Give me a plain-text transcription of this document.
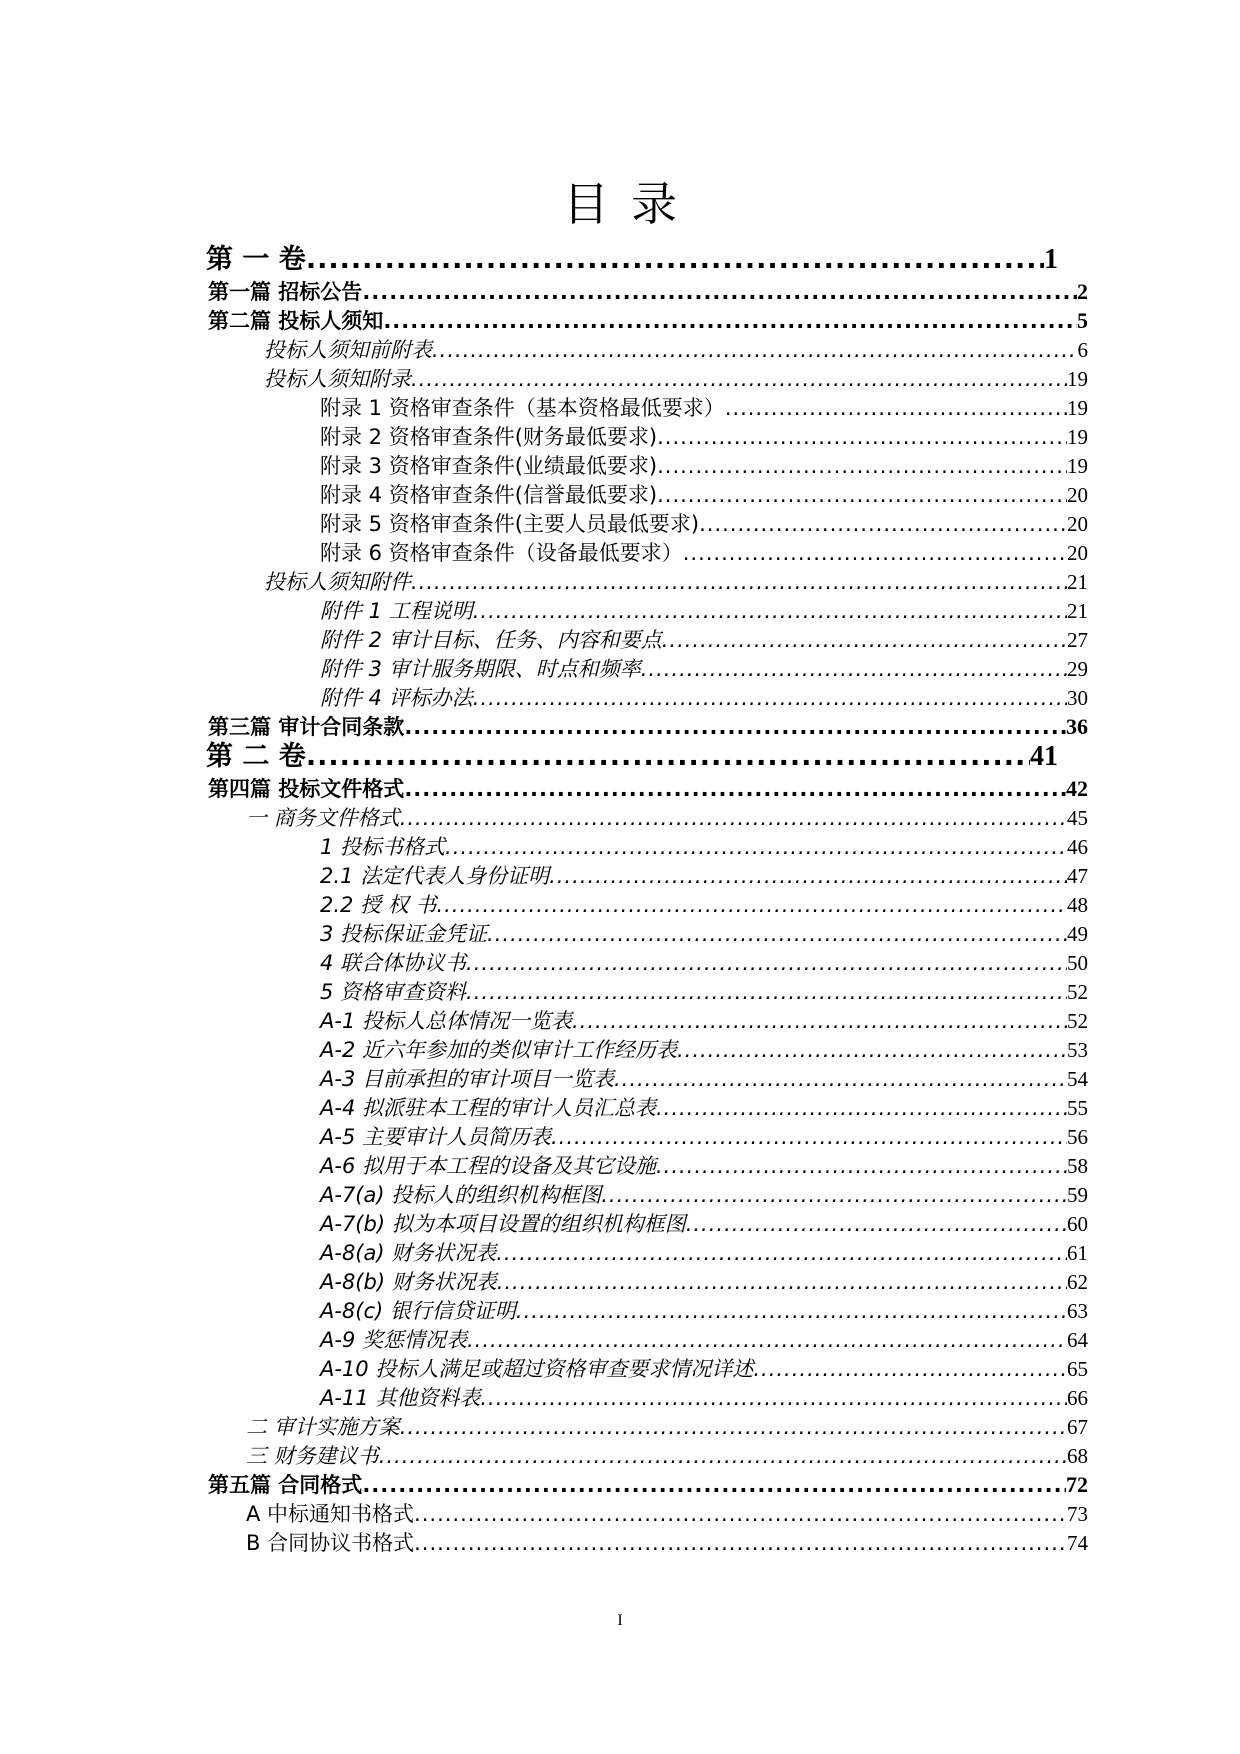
目录
第 一 卷 .....	1
第一篇 招标公告 .....	2
第二篇 投标人须知 .....	5
投标人须知前附表 .....	6
投标人须知附录 .....	19
附录 1 资格审查条件（基本资格最低要求） .....	19
附录 2 资格审查条件(财务最低要求) .....	19
附录 3 资格审查条件(业绩最低要求) .....	19
附录 4 资格审查条件(信誉最低要求) .....	20
附录 5 资格审查条件(主要人员最低要求) .....	20
附录 6 资格审查条件（设备最低要求） .....	20
投标人须知附件 .....	21
附件 1 工程说明 .....	21
附件 2 审计目标、任务、内容和要点 .....	27
附件 3 审计服务期限、时点和频率 .....	29
附件 4 评标办法 .....	30
第三篇 审计合同条款 .....	36
第 二 卷 .....	41
第四篇 投标文件格式 .....	42
一 商务文件格式 .....	45
1 投标书格式 .....	46
2.1 法定代表人身份证明 .....	47
2.2 授 权 书 .....	48
3 投标保证金凭证 .....	49
4 联合体协议书 .....	50
5 资格审查资料 .....	52
A-1 投标人总体情况一览表 .....	52
A-2 近六年参加的类似审计工作经历表 .....	53
A-3 目前承担的审计项目一览表 .....	54
A-4 拟派驻本工程的审计人员汇总表 .....	55
A-5 主要审计人员简历表 .....	56
A-6 拟用于本工程的设备及其它设施 .....	58
A-7(a) 投标人的组织机构框图 .....	59
A-7(b) 拟为本项目设置的组织机构框图 .....	60
A-8(a) 财务状况表 .....	61
A-8(b) 财务状况表 .....	62
A-8(c) 银行信贷证明 .....	63
A-9 奖惩情况表 .....	64
A-10 投标人满足或超过资格审查要求情况详述 .....	65
A-11 其他资料表 .....	66
二 审计实施方案 .....	67
三 财务建议书 .....	68
第五篇 合同格式 .....	72
A 中标通知书格式 .....	73
B 合同协议书格式 .....	74
I
